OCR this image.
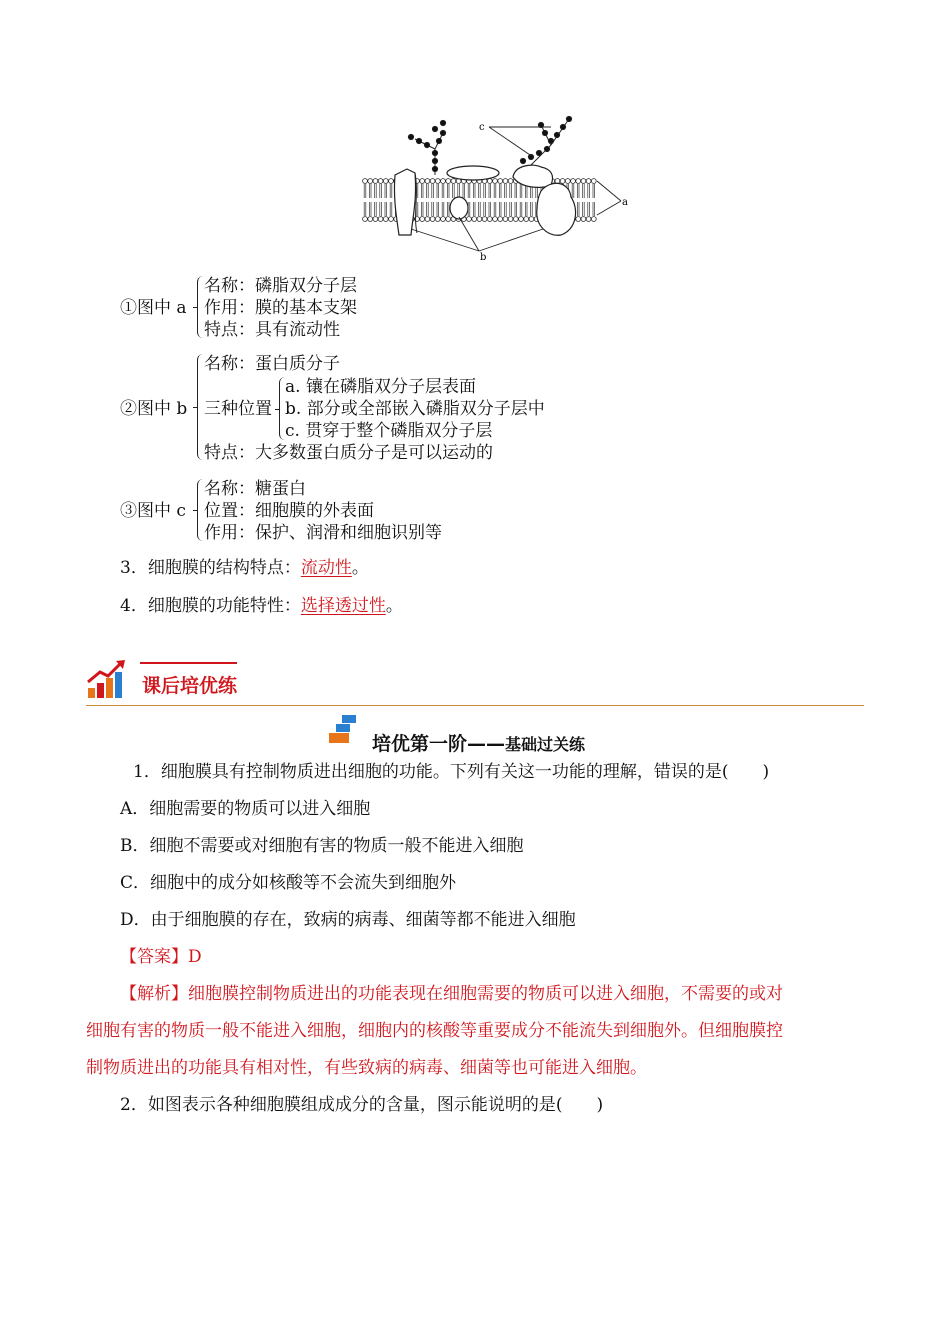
c
a
b
①图中 a
名称：磷脂双分子层
作用：膜的基本支架
特点：具有流动性
②图中 b
名称：蛋白质分子
三种位置
a. 镶在磷脂双分子层表面
b. 部分或全部嵌入磷脂双分子层中
c. 贯穿于整个磷脂双分子层
特点：大多数蛋白质分子是可以运动的
③图中 c
名称：糖蛋白
位置：细胞膜的外表面
作用：保护、润滑和细胞识别等
3．细胞膜的结构特点：流动性。
4．细胞膜的功能特性：选择透过性。
课后培优练
培优第一阶——基础过关练
1．细胞膜具有控制物质进出细胞的功能。下列有关这一功能的理解，错误的是(　　)
A．细胞需要的物质可以进入细胞
B．细胞不需要或对细胞有害的物质一般不能进入细胞
C．细胞中的成分如核酸等不会流失到细胞外
D．由于细胞膜的存在，致病的病毒、细菌等都不能进入细胞
【答案】D
【解析】细胞膜控制物质进出的功能表现在细胞需要的物质可以进入细胞，不需要的或对
细胞有害的物质一般不能进入细胞，细胞内的核酸等重要成分不能流失到细胞外。但细胞膜控
制物质进出的功能具有相对性，有些致病的病毒、细菌等也可能进入细胞。
2．如图表示各种细胞膜组成成分的含量，图示能说明的是(　　)
